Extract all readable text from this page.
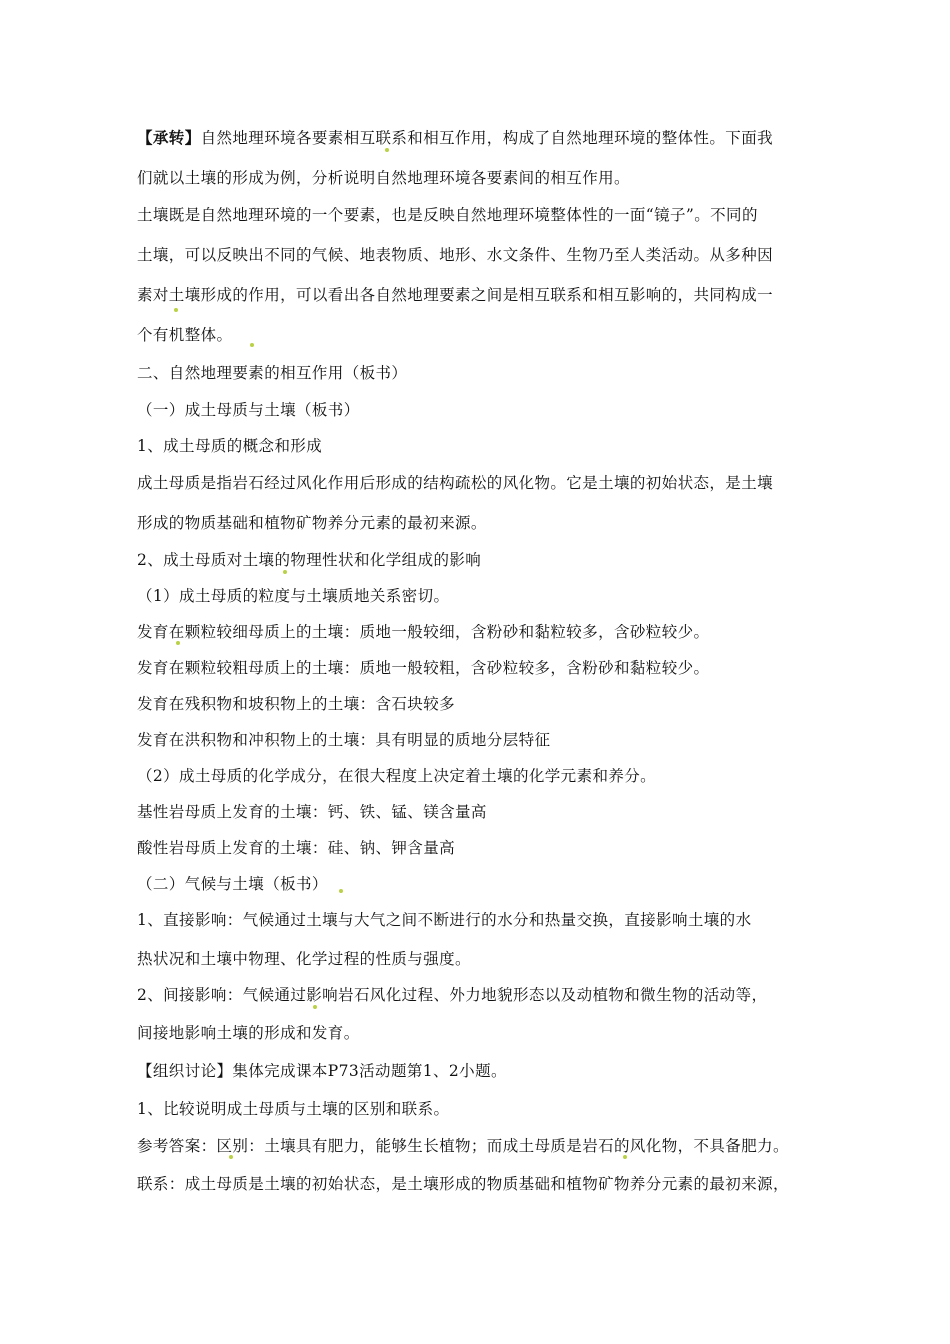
【承转】自然地理环境各要素相互联系和相互作用，构成了自然地理环境的整体性。下面我
们就以土壤的形成为例，分析说明自然地理环境各要素间的相互作用。
土壤既是自然地理环境的一个要素，也是反映自然地理环境整体性的一面“镜子”。不同的
土壤，可以反映出不同的气候、地表物质、地形、水文条件、生物乃至人类活动。从多种因
素对土壤形成的作用，可以看出各自然地理要素之间是相互联系和相互影响的，共同构成一
个有机整体。
二、自然地理要素的相互作用（板书）
（一）成土母质与土壤（板书）
1、成土母质的概念和形成
成土母质是指岩石经过风化作用后形成的结构疏松的风化物。它是土壤的初始状态，是土壤
形成的物质基础和植物矿物养分元素的最初来源。
2、成土母质对土壤的物理性状和化学组成的影响
（1）成土母质的粒度与土壤质地关系密切。
发育在颗粒较细母质上的土壤：质地一般较细，含粉砂和黏粒较多，含砂粒较少。
发育在颗粒较粗母质上的土壤：质地一般较粗，含砂粒较多，含粉砂和黏粒较少。
发育在残积物和坡积物上的土壤：含石块较多
发育在洪积物和冲积物上的土壤：具有明显的质地分层特征
（2）成土母质的化学成分，在很大程度上决定着土壤的化学元素和养分。
基性岩母质上发育的土壤：钙、铁、锰、镁含量高
酸性岩母质上发育的土壤：硅、钠、钾含量高
（二）气候与土壤（板书）
1、直接影响：气候通过土壤与大气之间不断进行的水分和热量交换，直接影响土壤的水
热状况和土壤中物理、化学过程的性质与强度。
2、间接影响：气候通过影响岩石风化过程、外力地貌形态以及动植物和微生物的活动等，
间接地影响土壤的形成和发育。
【组织讨论】集体完成课本P73活动题第1、2小题。
1、比较说明成土母质与土壤的区别和联系。
参考答案：区别：土壤具有肥力，能够生长植物；而成土母质是岩石的风化物，不具备肥力。
联系：成土母质是土壤的初始状态，是土壤形成的物质基础和植物矿物养分元素的最初来源，
